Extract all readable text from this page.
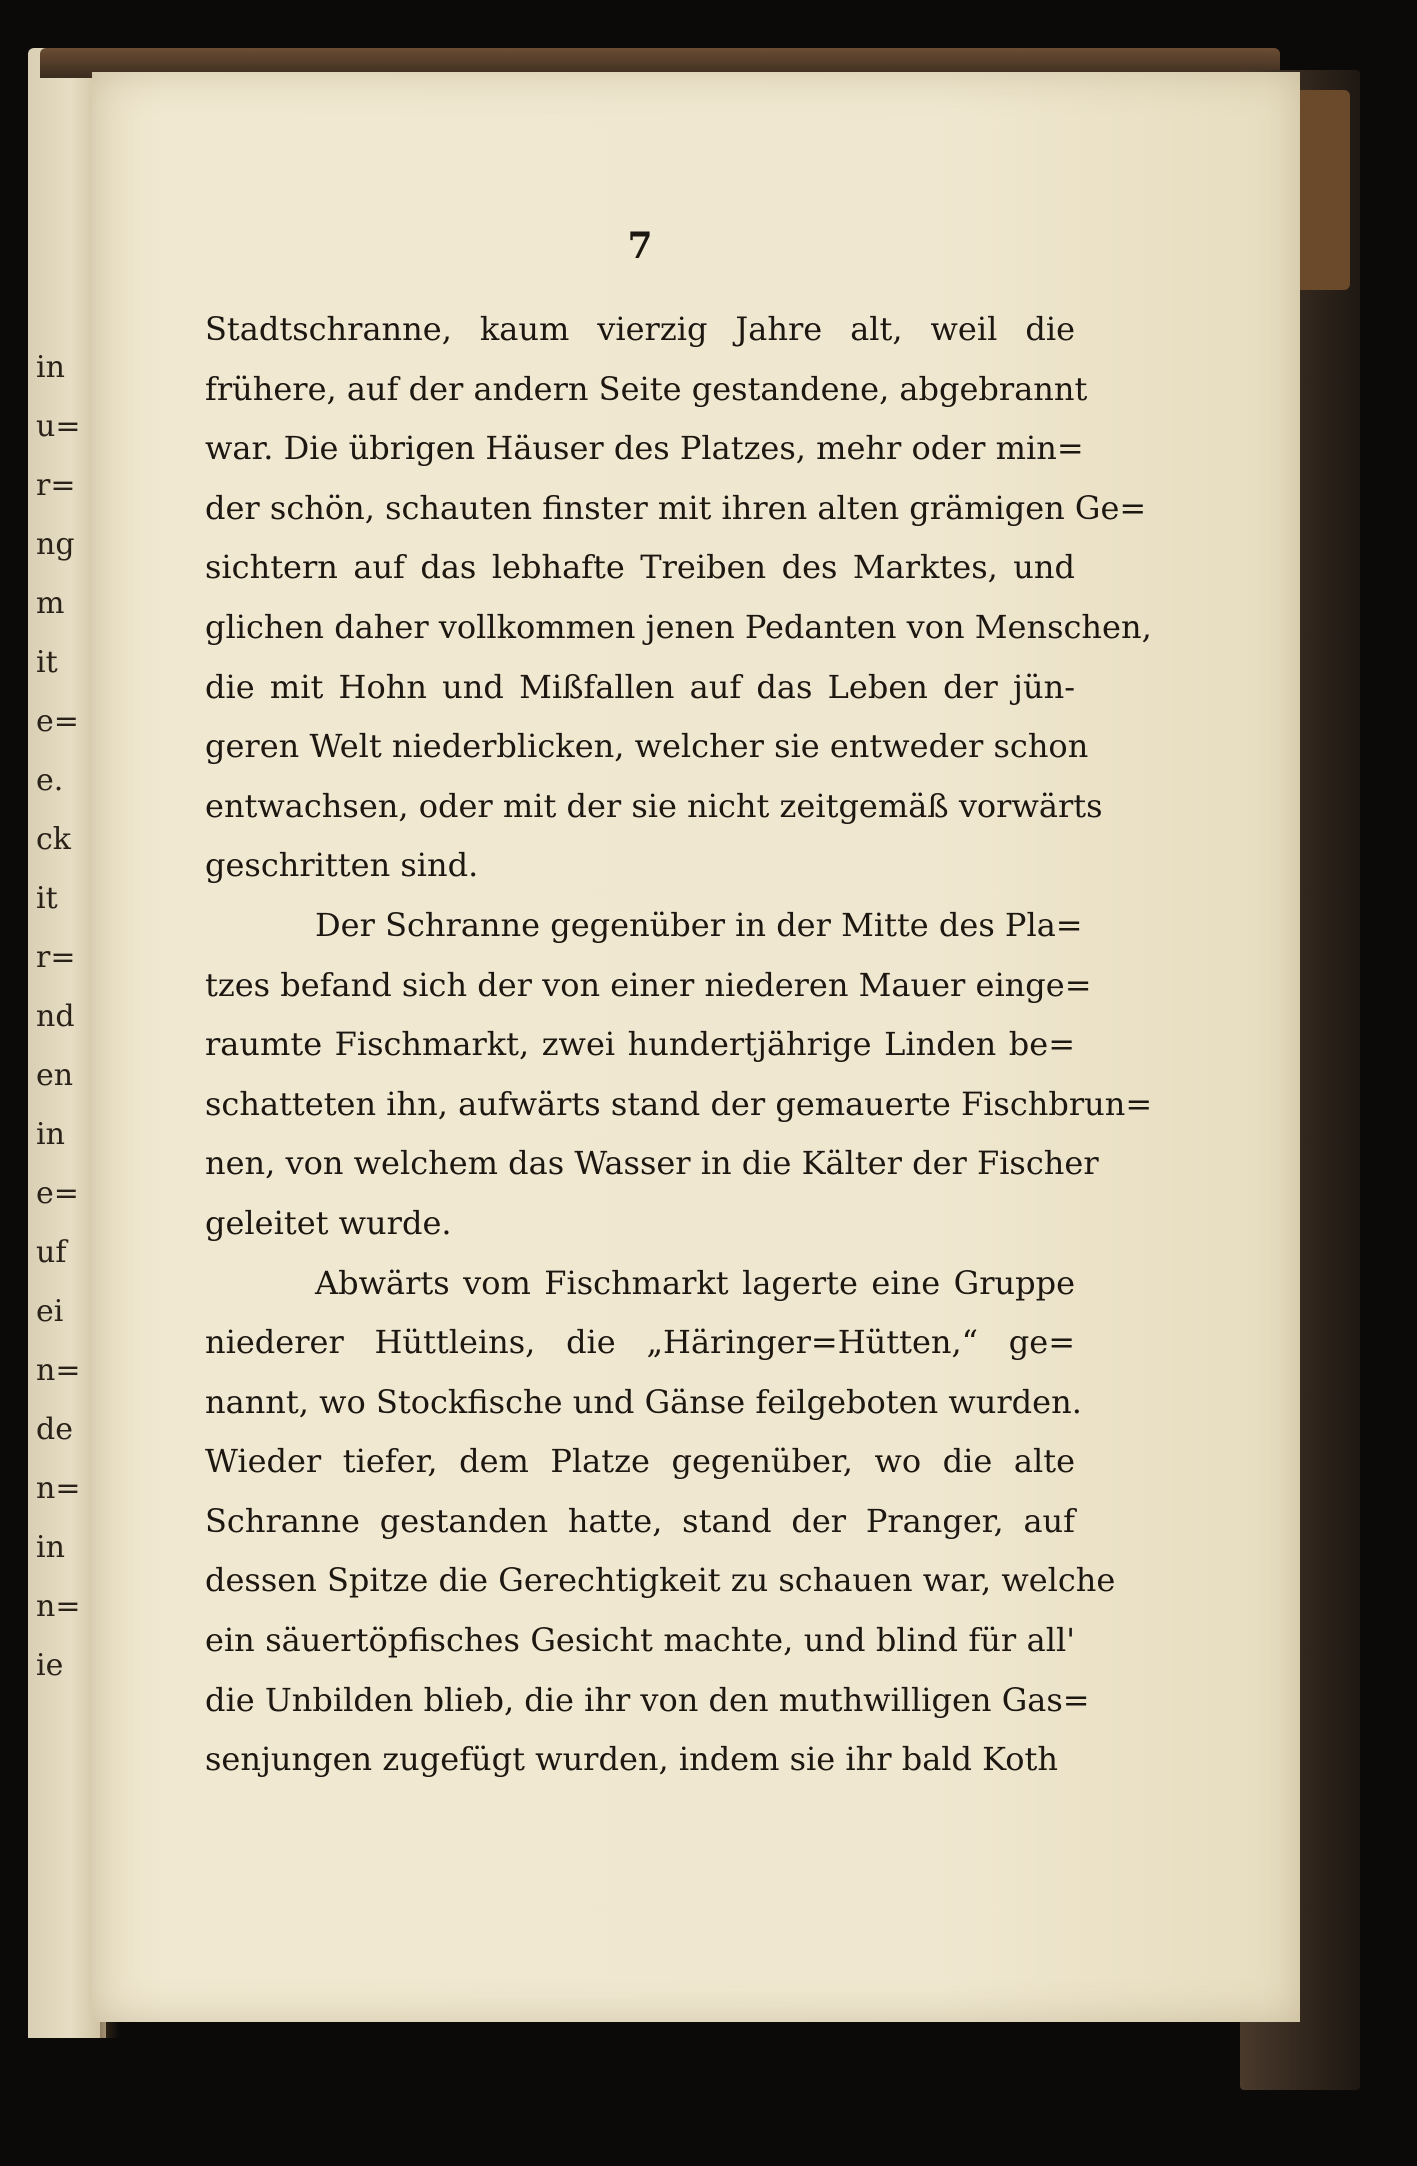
in
u=
r=
ng
m
it
e=
e.
ck
it
r=
nd
en
in
e=
uf
ei
n=
de
n=
in
n=
ie
7
Stadtschranne, kaum vierzig Jahre alt, weil die
frühere, auf der andern Seite gestandene, abgebrannt
war. Die übrigen Häuser des Platzes, mehr oder min=
der schön, schauten finster mit ihren alten grämigen Ge=
sichtern auf das lebhafte Treiben des Marktes, und
glichen daher vollkommen jenen Pedanten von Menschen,
die mit Hohn und Mißfallen auf das Leben der jün-
geren Welt niederblicken, welcher sie entweder schon
entwachsen, oder mit der sie nicht zeitgemäß vorwärts
geschritten sind.
Der Schranne gegenüber in der Mitte des Pla=
tzes befand sich der von einer niederen Mauer einge=
raumte Fischmarkt, zwei hundertjährige Linden be=
schatteten ihn, aufwärts stand der gemauerte Fischbrun=
nen, von welchem das Wasser in die Kälter der Fischer
geleitet wurde.
Abwärts vom Fischmarkt lagerte eine Gruppe
niederer Hüttleins, die „Häringer=Hütten,“ ge=
nannt, wo Stockfische und Gänse feilgeboten wurden.
Wieder tiefer, dem Platze gegenüber, wo die alte
Schranne gestanden hatte, stand der Pranger, auf
dessen Spitze die Gerechtigkeit zu schauen war, welche
ein säuertöpfisches Gesicht machte, und blind für all'
die Unbilden blieb, die ihr von den muthwilligen Gas=
senjungen zugefügt wurden, indem sie ihr bald Koth
